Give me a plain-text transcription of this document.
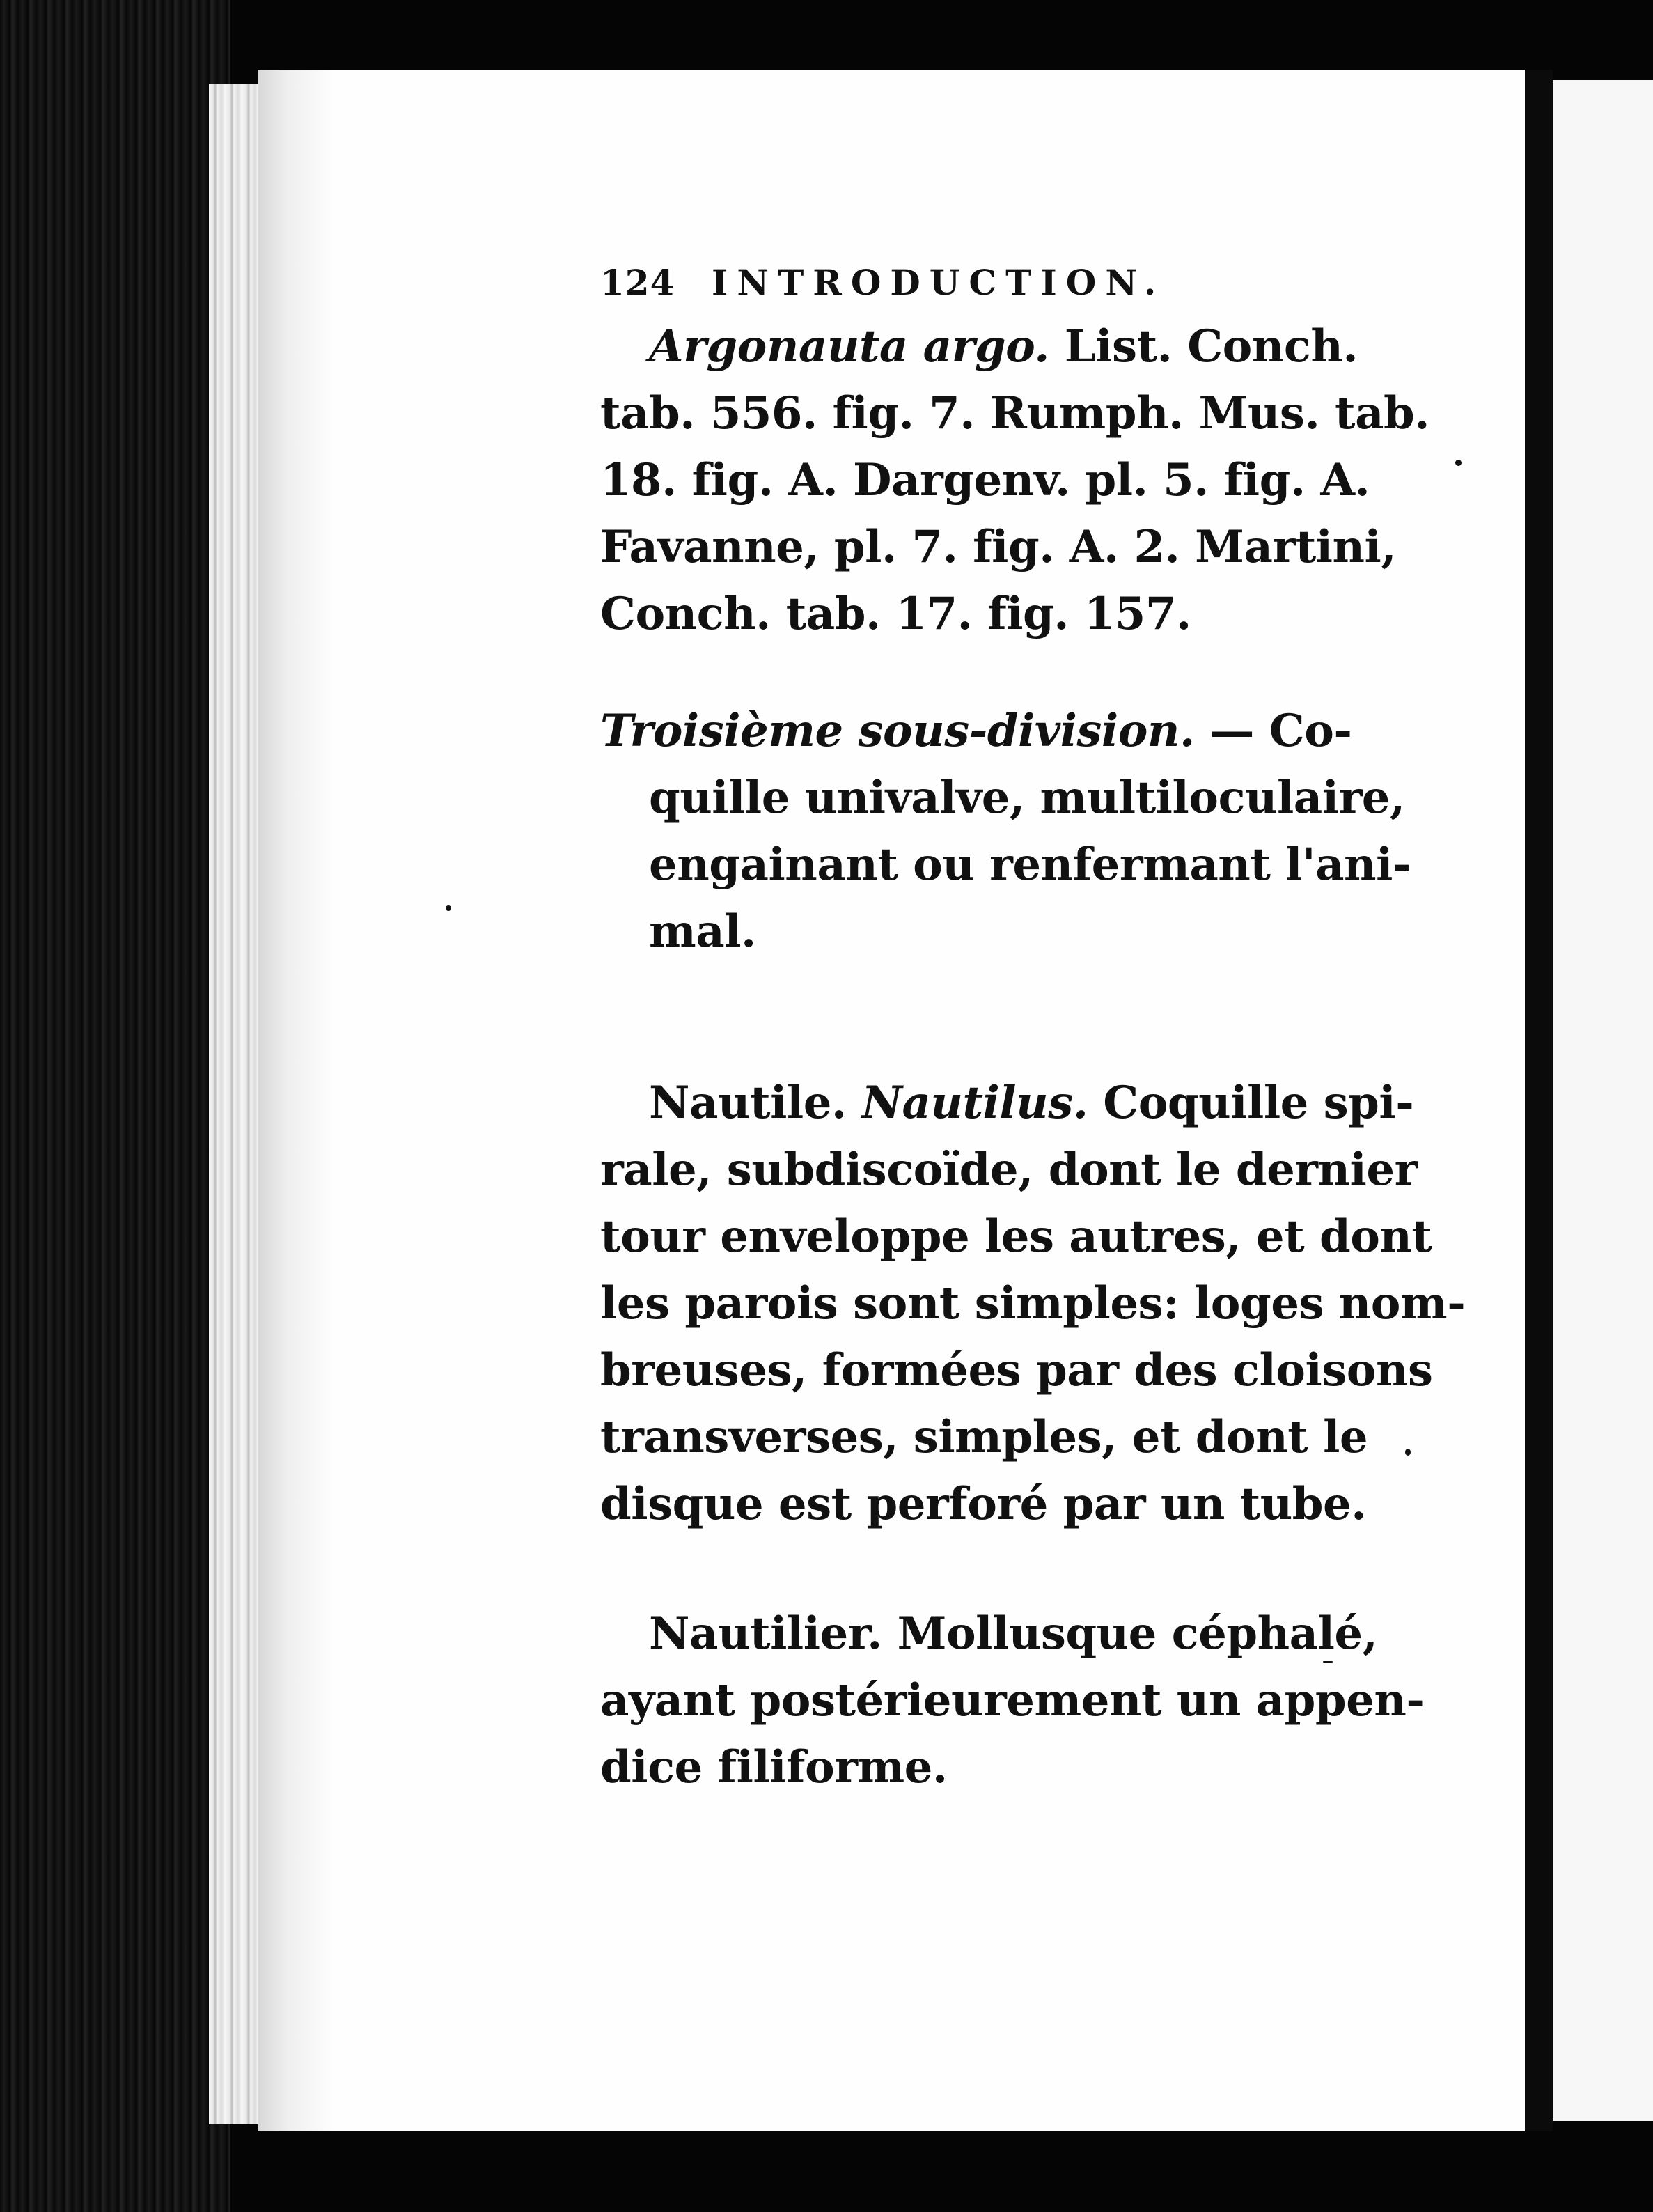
124	INTRODUCTION.
Argonauta argo. List. Conch.
tab. 556. fig. 7. Rumph. Mus. tab.
18. fig. A. Dargenv. pl. 5. fig. A.
Favanne, pl. 7. fig. A. 2. Martini,
Conch. tab. 17. fig. 157.
Troisième sous-division. — Co-
quille univalve, multiloculaire,
engainant ou renfermant l'ani-
mal.
Nautile. Nautilus. Coquille spi-
rale, subdiscoïde, dont le dernier
tour enveloppe les autres, et dont
les parois sont simples: loges nom-
breuses, formées par des cloisons
transverses, simples, et dont le
disque est perforé par un tube.
Nautilier. Mollusque céphalé,
ayant postérieurement un appen-
dice filiforme.
